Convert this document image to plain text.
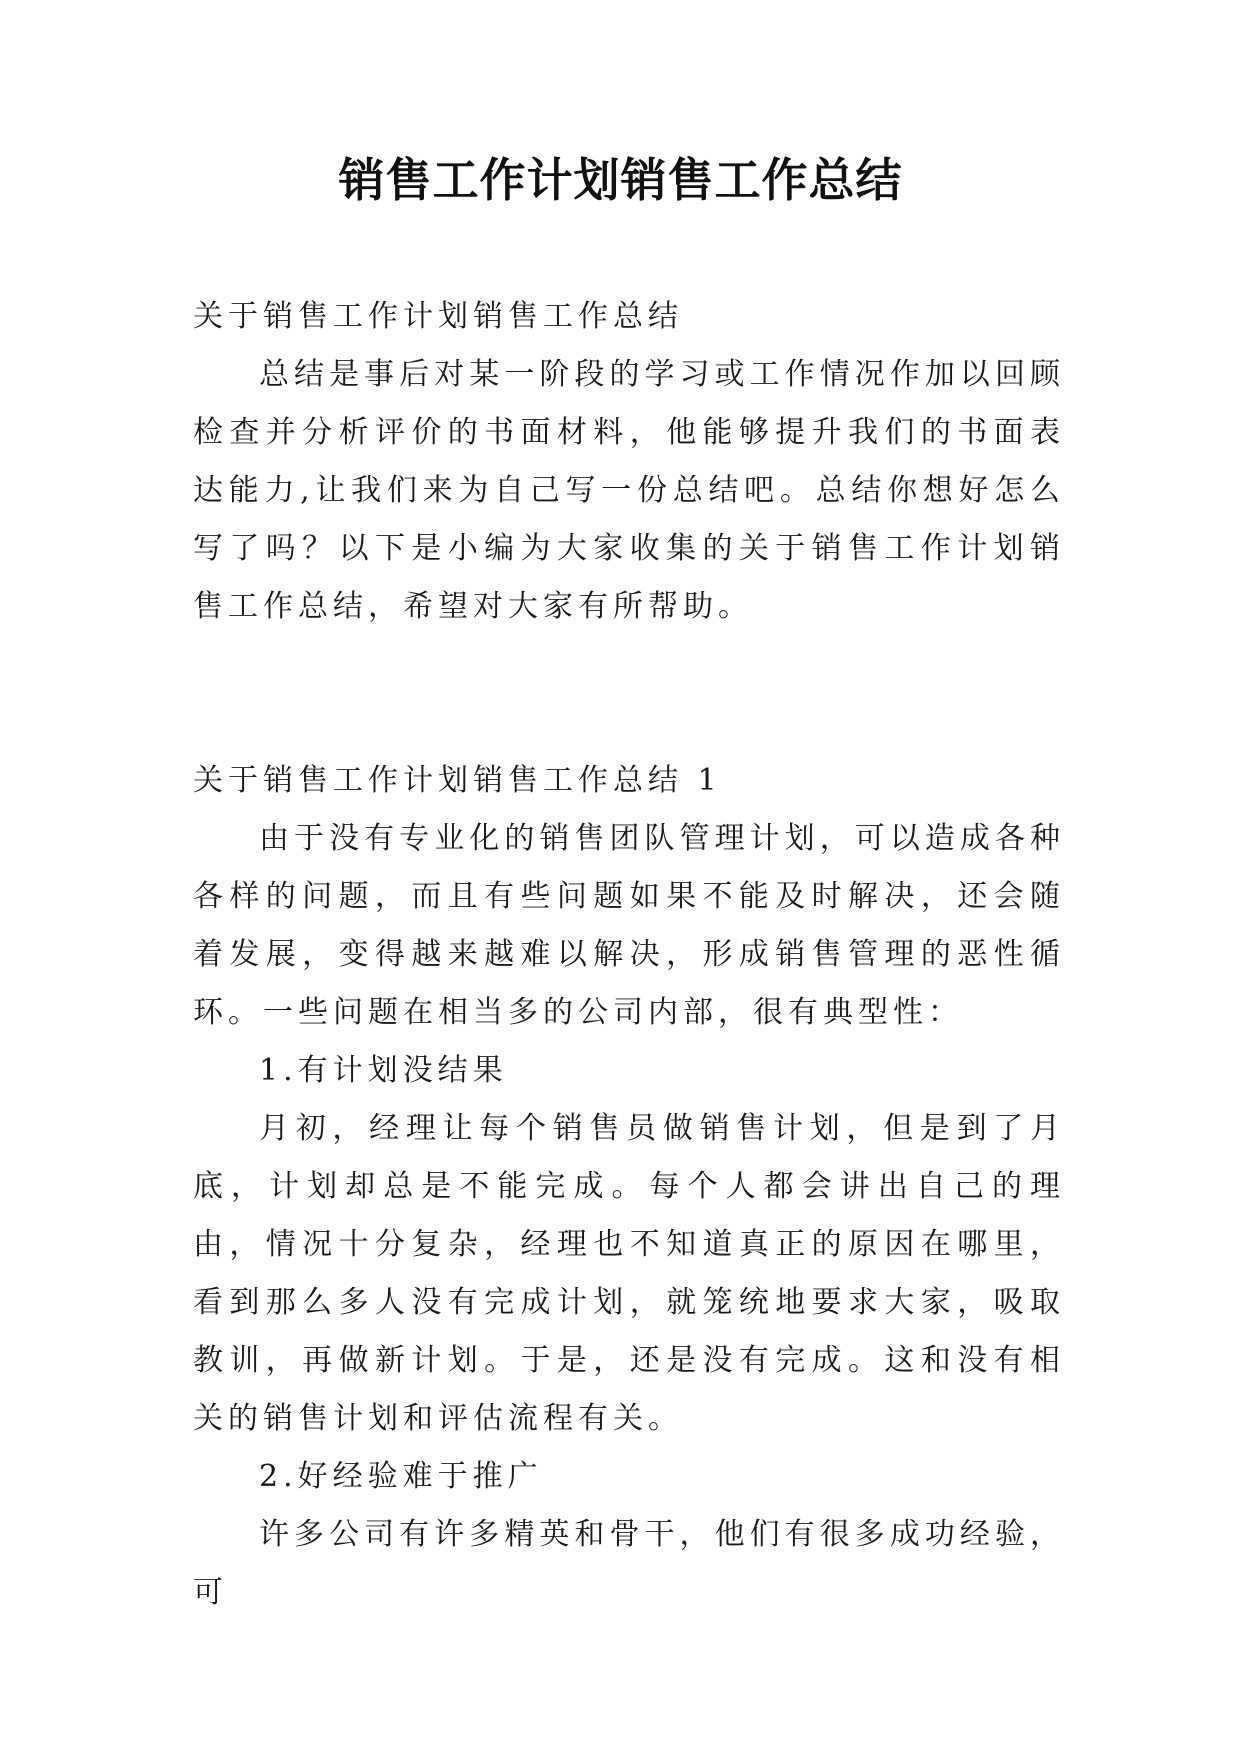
销售工作计划销售工作总结

关于销售工作计划销售工作总结

总结是事后对某一阶段的学习或工作情况作加以回顾检查并分析评价的书面材料，他能够提升我们的书面表达能力,让我们来为自己写一份总结吧。总结你想好怎么写了吗？以下是小编为大家收集的关于销售工作计划销售工作总结，希望对大家有所帮助。

关于销售工作计划销售工作总结 1

由于没有专业化的销售团队管理计划，可以造成各种各样的问题，而且有些问题如果不能及时解决，还会随着发展，变得越来越难以解决，形成销售管理的恶性循环。一些问题在相当多的公司内部，很有典型性：

1.有计划没结果

月初，经理让每个销售员做销售计划，但是到了月底，计划却总是不能完成。每个人都会讲出自己的理由，情况十分复杂，经理也不知道真正的原因在哪里，看到那么多人没有完成计划，就笼统地要求大家，吸取教训，再做新计划。于是，还是没有完成。这和没有相关的销售计划和评估流程有关。

2.好经验难于推广

许多公司有许多精英和骨干，他们有很多成功经验，可
